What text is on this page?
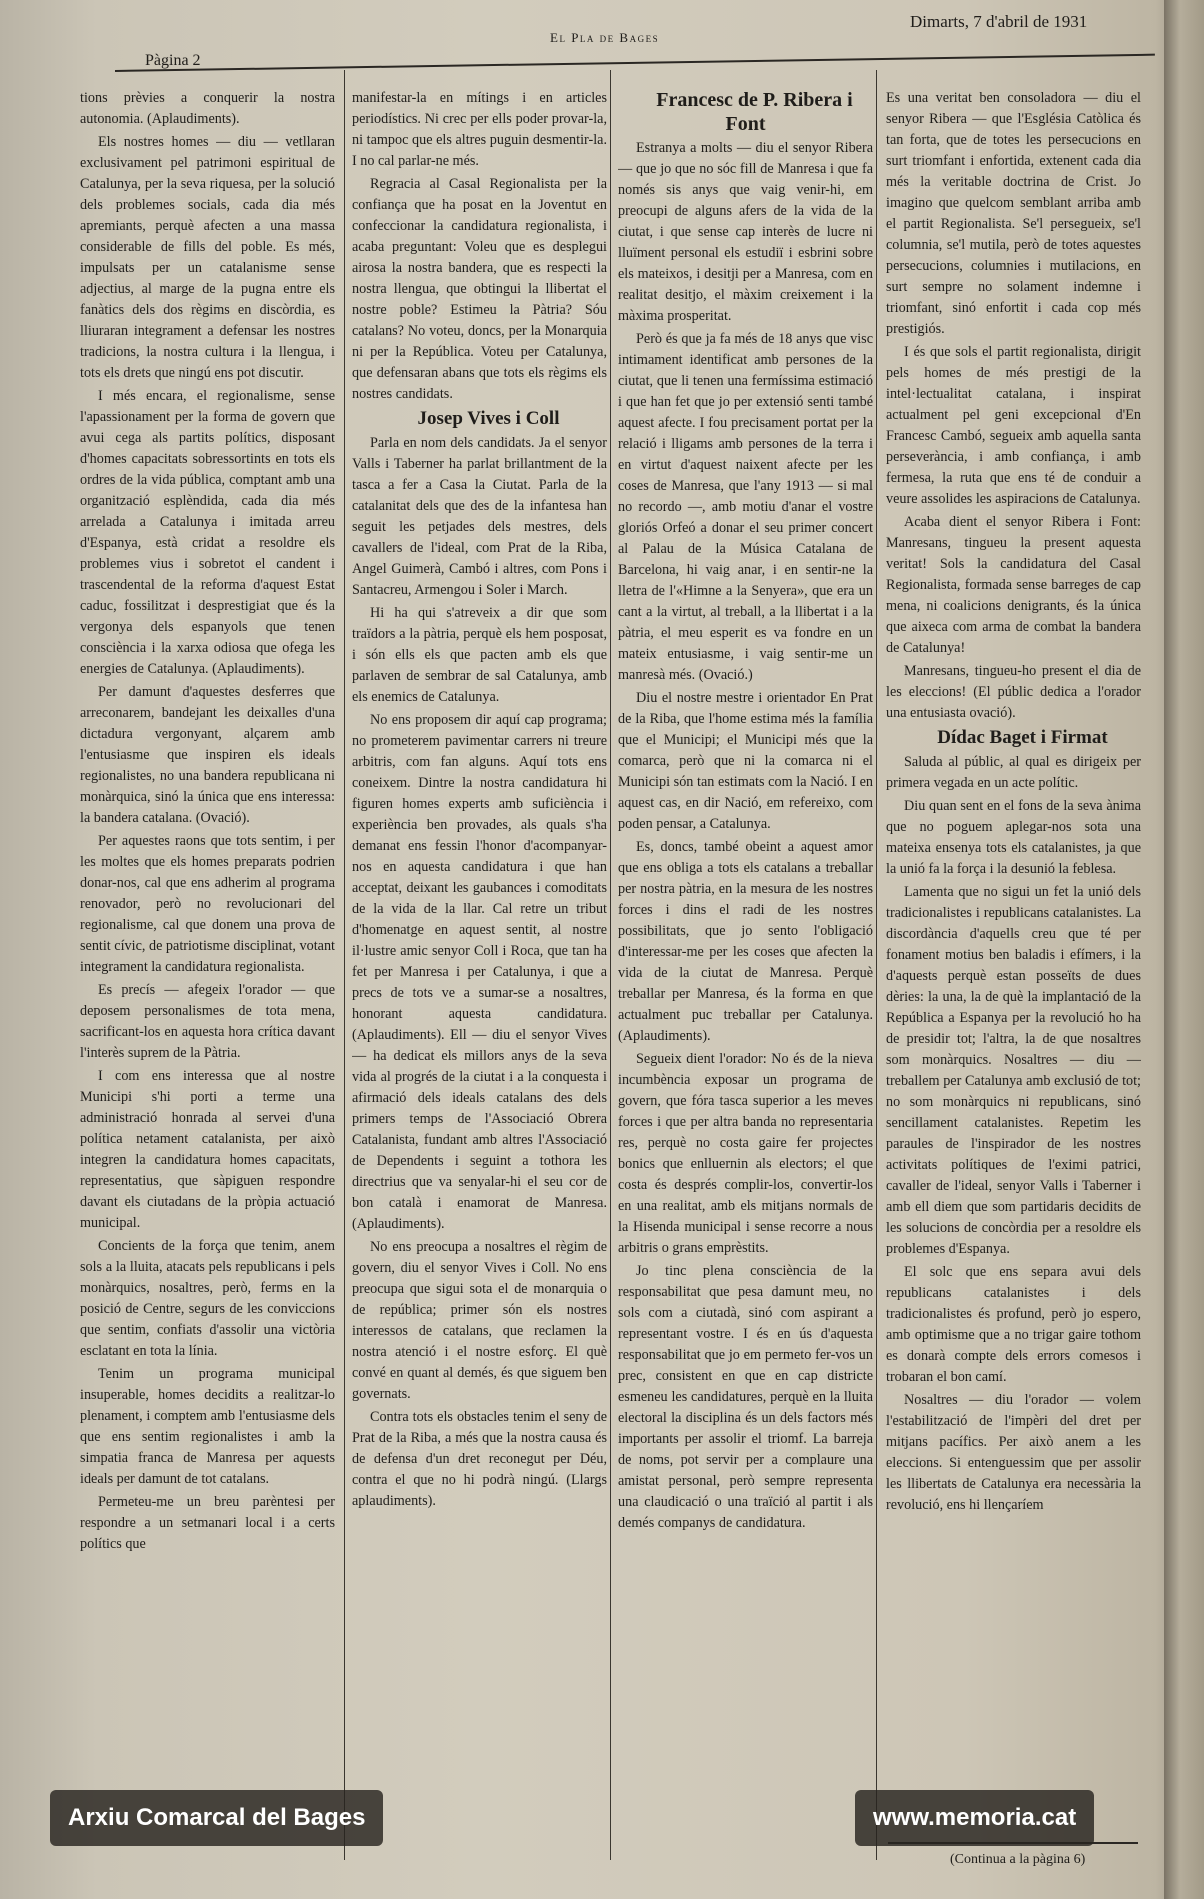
Pàgina 2
El Pla de Bages
Dimarts, 7 d'abril de 1931

tions prèvies a conquerir la nostra autonomia. (Aplaudiments).

Els nostres homes — diu — vetllaran exclusivament pel patrimoni espiritual de Catalunya, per la seva riquesa, per la solució dels problemes socials, cada dia més apremiants, perquè afecten a una massa considerable de fills del poble. Es més, impulsats per un catalanisme sense adjectius, al marge de la pugna entre els fanàtics dels dos règims en discòrdia, es lliuraran integrament a defensar les nostres tradicions, la nostra cultura i la llengua, i tots els drets que ningú ens pot discutir.

I més encara, el regionalisme, sense l'apassionament per la forma de govern que avui cega als partits polítics, disposant d'homes capacitats sobressortints en tots els ordres de la vida pública, comptant amb una organització esplèndida, cada dia més arrelada a Catalunya i imitada arreu d'Espanya, està cridat a resoldre els problemes vius i sobretot el candent i trascendental de la reforma d'aquest Estat caduc, fossilitzat i desprestigiat que és la vergonya dels espanyols que tenen consciència i la xarxa odiosa que ofega les energies de Catalunya. (Aplaudiments).

Per damunt d'aquestes desferres que arreconarem, bandejant les deixalles d'una dictadura vergonyant, alçarem amb l'entusiasme que inspiren els ideals regionalistes, no una bandera republicana ni monàrquica, sinó la única que ens interessa: la bandera catalana. (Ovació).

Per aquestes raons que tots sentim, i per les moltes que els homes preparats podrien donar-nos, cal que ens adherim al programa renovador, però no revolucionari del regionalisme, cal que donem una prova de sentit cívic, de patriotisme disciplinat, votant integrament la candidatura regionalista.

Es precís — afegeix l'orador — que deposem personalismes de tota mena, sacrificant-los en aquesta hora crítica davant l'interès suprem de la Pàtria.

I com ens interessa que al nostre Municipi s'hi porti a terme una administració honrada al servei d'una política netament catalanista, per això integren la candidatura homes capacitats, representatius, que sàpiguen respondre davant els ciutadans de la pròpia actuació municipal.

Concients de la força que tenim, anem sols a la lluita, atacats pels republicans i pels monàrquics, nosaltres, però, ferms en la posició de Centre, segurs de les conviccions que sentim, confiats d'assolir una victòria esclatant en tota la línia.

Tenim un programa municipal insuperable, homes decidits a realitzar-lo plenament, i comptem amb l'entusiasme dels que ens sentim regionalistes i amb la simpatia franca de Manresa per aquests ideals per damunt de tot catalans.

Permeteu-me un breu parèntesi per respondre a un setmanari local i a certs polítics que

manifestar-la en mítings i en articles periodístics. Ni crec per ells poder provar-la, ni tampoc que els altres puguin desmentir-la. I no cal parlar-ne més.

Regracia al Casal Regionalista per la confiança que ha posat en la Joventut en confeccionar la candidatura regionalista, i acaba preguntant: Voleu que es desplegui airosa la nostra bandera, que es respecti la nostra llengua, que obtingui la llibertat el nostre poble? Estimeu la Pàtria? Sóu catalans? No voteu, doncs, per la Monarquia ni per la República. Voteu per Catalunya, que defensaran abans que tots els règims els nostres candidats.

Josep Vives i Coll

Parla en nom dels candidats. Ja el senyor Valls i Taberner ha parlat brillantment de la tasca a fer a Casa la Ciutat. Parla de la catalanitat dels que des de la infantesa han seguit les petjades dels mestres, dels cavallers de l'ideal, com Prat de la Riba, Angel Guimerà, Cambó i altres, com Pons i Santacreu, Armengou i Soler i March.

Hi ha qui s'atreveix a dir que som traïdors a la pàtria, perquè els hem posposat, i són ells els que pacten amb els que parlaven de sembrar de sal Catalunya, amb els enemics de Catalunya.

No ens proposem dir aquí cap programa; no prometerem pavimentar carrers ni treure arbitris, com fan alguns. Aquí tots ens coneixem. Dintre la nostra candidatura hi figuren homes experts amb suficiència i experiència ben provades, als quals s'ha demanat ens fessin l'honor d'acompanyar-nos en aquesta candidatura i que han acceptat, deixant les gaubances i comoditats de la vida de la llar. Cal retre un tribut d'homenatge en aquest sentit, al nostre il·lustre amic senyor Coll i Roca, que tan ha fet per Manresa i per Catalunya, i que a precs de tots ve a sumar-se a nosaltres, honorant aquesta candidatura. (Aplaudiments). Ell — diu el senyor Vives — ha dedicat els millors anys de la seva vida al progrés de la ciutat i a la conquesta i afirmació dels ideals catalans des dels primers temps de l'Associació Obrera Catalanista, fundant amb altres l'Associació de Dependents i seguint a tothora les directrius que va senyalar-hi el seu cor de bon català i enamorat de Manresa. (Aplaudiments).

No ens preocupa a nosaltres el règim de govern, diu el senyor Vives i Coll. No ens preocupa que sigui sota el de monarquia o de república; primer són els nostres interessos de catalans, que reclamen la nostra atenció i el nostre esforç. El què convé en quant al demés, és que siguem ben governats.

Contra tots els obstacles tenim el seny de Prat de la Riba, a més que la nostra causa és de defensa d'un dret reconegut per Déu, contra el que no hi podrà ningú. (Llargs aplaudiments).

Francesc de P. Ribera i Font

Estranya a molts — diu el senyor Ribera — que jo que no sóc fill de Manresa i que fa només sis anys que vaig venir-hi, em preocupi de alguns afers de la vida de la ciutat, i que sense cap interès de lucre ni lluïment personal els estudiï i esbrini sobre els mateixos, i desitji per a Manresa, com en realitat desitjo, el màxim creixement i la màxima prosperitat.

Però és que ja fa més de 18 anys que visc intimament identificat amb persones de la ciutat, que li tenen una fermíssima estimació i que han fet que jo per extensió senti també aquest afecte. I fou precisament portat per la relació i lligams amb persones de la terra i en virtut d'aquest naixent afecte per les coses de Manresa, que l'any 1913 — si mal no recordo —, amb motiu d'anar el vostre gloriós Orfeó a donar el seu primer concert al Palau de la Música Catalana de Barcelona, hi vaig anar, i en sentir-ne la lletra de l'«Himne a la Senyera», que era un cant a la virtut, al treball, a la llibertat i a la pàtria, el meu esperit es va fondre en un mateix entusiasme, i vaig sentir-me un manresà més. (Ovació.)

Diu el nostre mestre i orientador En Prat de la Riba, que l'home estima més la família que el Municipi; el Municipi més que la comarca, però que ni la comarca ni el Municipi són tan estimats com la Nació. I en aquest cas, en dir Nació, em refereixo, com poden pensar, a Catalunya.

Es, doncs, també obeint a aquest amor que ens obliga a tots els catalans a treballar per nostra pàtria, en la mesura de les nostres forces i dins el radi de les nostres possibilitats, que jo sento l'obligació d'interessar-me per les coses que afecten la vida de la ciutat de Manresa. Perquè treballar per Manresa, és la forma en que actualment puc treballar per Catalunya. (Aplaudiments).

Segueix dient l'orador: No és de la nieva incumbència exposar un programa de govern, que fóra tasca superior a les meves forces i que per altra banda no representaria res, perquè no costa gaire fer projectes bonics que enlluernin als electors; el que costa és després complir-los, convertir-los en una realitat, amb els mitjans normals de la Hisenda municipal i sense recorre a nous arbitris o grans emprèstits.

Jo tinc plena consciència de la responsabilitat que pesa damunt meu, no sols com a ciutadà, sinó com aspirant a representant vostre. I és en ús d'aquesta responsabilitat que jo em permeto fer-vos un prec, consistent en que en cap districte esmeneu les candidatures, perquè en la lluita electoral la disciplina és un dels factors més importants per assolir el triomf. La barreja de noms, pot servir per a complaure una amistat personal, però sempre representa una claudicació o una traïció al partit i als demés companys de candidatura.

Es una veritat ben consoladora — diu el senyor Ribera — que l'Església Catòlica és tan forta, que de totes les persecucions en surt triomfant i enfortida, extenent cada dia més la veritable doctrina de Crist. Jo imagino que quelcom semblant arriba amb el partit Regionalista. Se'l persegueix, se'l columnia, se'l mutila, però de totes aquestes persecucions, columnies i mutilacions, en surt sempre no solament indemne i triomfant, sinó enfortit i cada cop més prestigiós.

I és que sols el partit regionalista, dirigit pels homes de més prestigi de la intel·lectualitat catalana, i inspirat actualment pel geni excepcional d'En Francesc Cambó, segueix amb aquella santa perseverància, i amb confiança, i amb fermesa, la ruta que ens té de conduir a veure assolides les aspiracions de Catalunya.

Acaba dient el senyor Ribera i Font: Manresans, tingueu la present aquesta veritat! Sols la candidatura del Casal Regionalista, formada sense barreges de cap mena, ni coalicions denigrants, és la única que aixeca com arma de combat la bandera de Catalunya!

Manresans, tingueu-ho present el dia de les eleccions! (El públic dedica a l'orador una entusiasta ovació).

Dídac Baget i Firmat

Saluda al públic, al qual es dirigeix per primera vegada en un acte polític.

Diu quan sent en el fons de la seva ànima que no poguem aplegar-nos sota una mateixa ensenya tots els catalanistes, ja que la unió fa la força i la desunió la feblesa.

Lamenta que no sigui un fet la unió dels tradicionalistes i republicans catalanistes. La discordància d'aquells creu que té per fonament motius ben baladis i efímers, i la d'aquests perquè estan posseïts de dues dèries: la una, la de què la implantació de la República a Espanya per la revolució ho ha de presidir tot; l'altra, la de que nosaltres som monàrquics. Nosaltres — diu — treballem per Catalunya amb exclusió de tot; no som monàrquics ni republicans, sinó sencillament catalanistes. Repetim les paraules de l'inspirador de les nostres activitats polítiques de l'eximi patrici, cavaller de l'ideal, senyor Valls i Taberner i amb ell diem que som partidaris decidits de les solucions de concòrdia per a resoldre els problemes d'Espanya.

El solc que ens separa avui dels republicans catalanistes i dels tradicionalistes és profund, però jo espero, amb optimisme que a no trigar gaire tothom es donarà compte dels errors comesos i trobaran el bon camí.

Nosaltres — diu l'orador — volem l'estabilització de l'impèri del dret per mitjans pacífics. Per això anem a les eleccions. Si entenguessim que per assolir les llibertats de Catalunya era necessària la revolució, ens hi llençaríem

(Continua a la pàgina 6)
Arxiu Comarcal del Bages	www.memoria.cat
